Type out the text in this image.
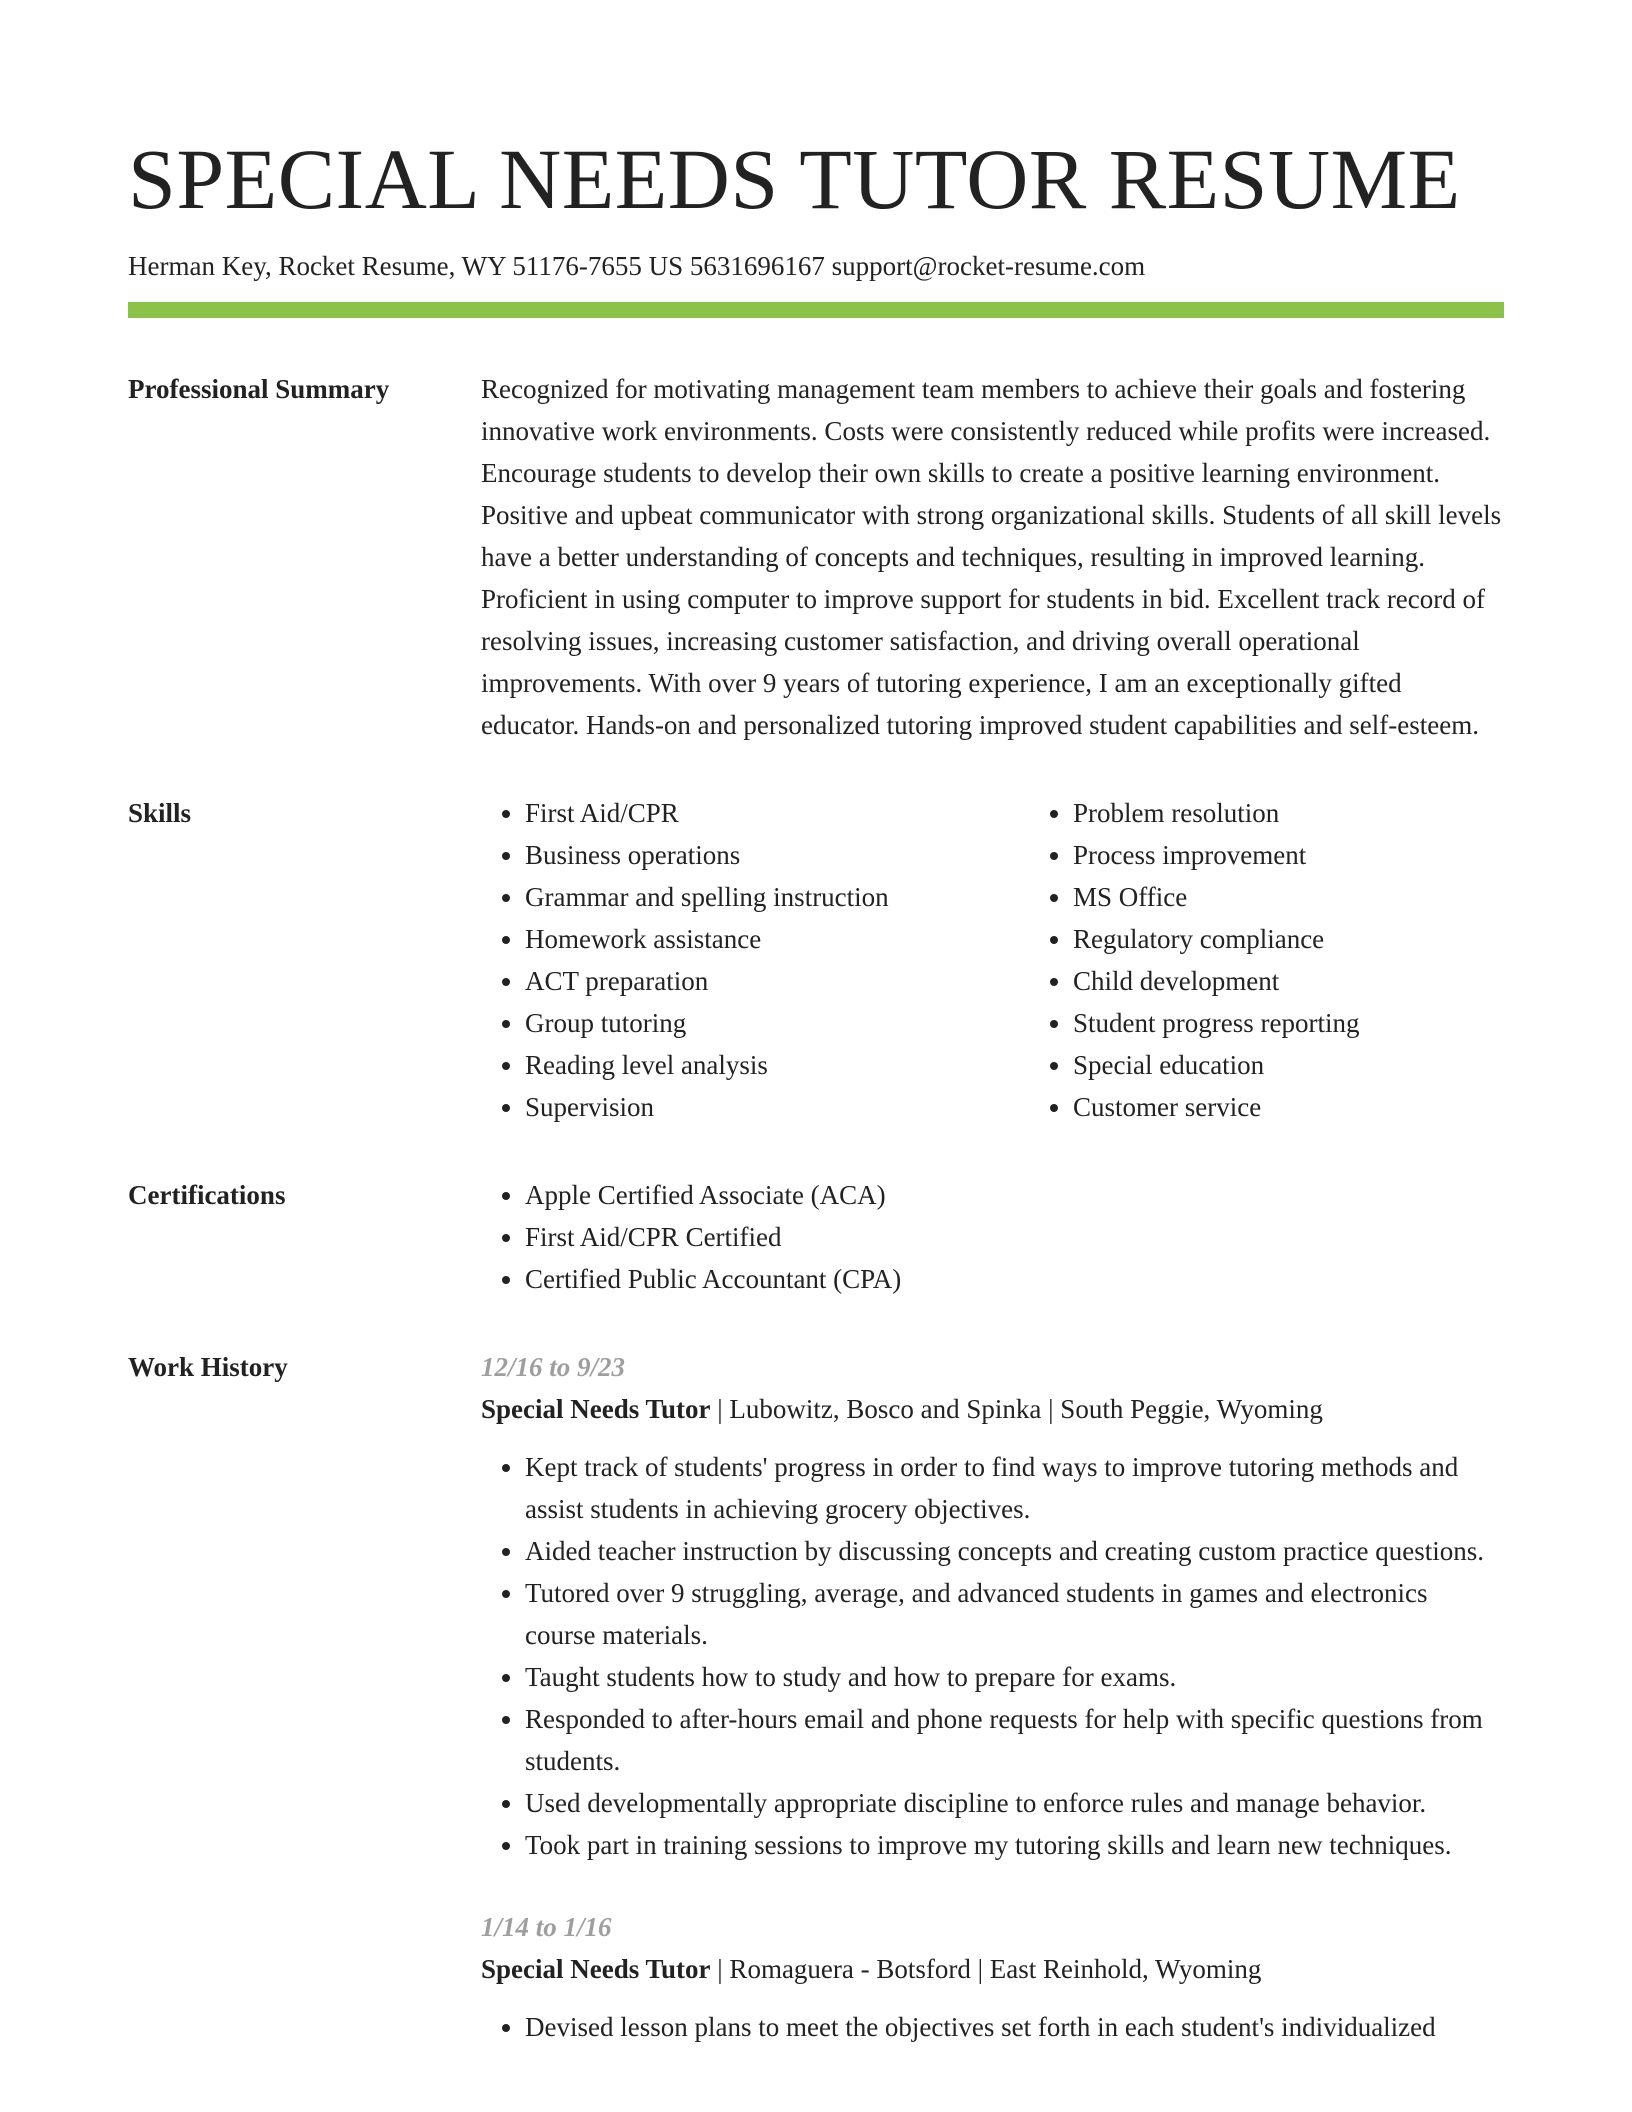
SPECIAL NEEDS TUTOR RESUME
Herman Key, Rocket Resume, WY 51176-7655 US 5631696167 support@rocket-resume.com
Professional Summary	Recognized for motivating management team members to achieve their goals and fostering innovative work environments. Costs were consistently reduced while profits were increased. Encourage students to develop their own skills to create a positive learning environment. Positive and upbeat communicator with strong organizational skills. Students of all skill levels have a better understanding of concepts and techniques, resulting in improved learning. Proficient in using computer to improve support for students in bid. Excellent track record of resolving issues, increasing customer satisfaction, and driving overall operational improvements. With over 9 years of tutoring experience, I am an exceptionally gifted educator. Hands-on and personalized tutoring improved student capabilities and self-esteem.

Skills	• First Aid/CPR
• Business operations
• Grammar and spelling instruction
• Homework assistance
• ACT preparation
• Group tutoring
• Reading level analysis
• Supervision
• Problem resolution
• Process improvement
• MS Office
• Regulatory compliance
• Child development
• Student progress reporting
• Special education
• Customer service
Certifications	• Apple Certified Associate (ACA)
• First Aid/CPR Certified
• Certified Public Accountant (CPA)
Work History	12/16 to 9/23
Special Needs Tutor | Lubowitz, Bosco and Spinka | South Peggie, Wyoming
• Kept track of students' progress in order to find ways to improve tutoring methods and assist students in achieving grocery objectives.
• Aided teacher instruction by discussing concepts and creating custom practice questions.
• Tutored over 9 struggling, average, and advanced students in games and electronics course materials.
• Taught students how to study and how to prepare for exams.
• Responded to after-hours email and phone requests for help with specific questions from students.
• Used developmentally appropriate discipline to enforce rules and manage behavior.
• Took part in training sessions to improve my tutoring skills and learn new techniques.
1/14 to 1/16
Special Needs Tutor | Romaguera - Botsford | East Reinhold, Wyoming
• Devised lesson plans to meet the objectives set forth in each student's individualized
